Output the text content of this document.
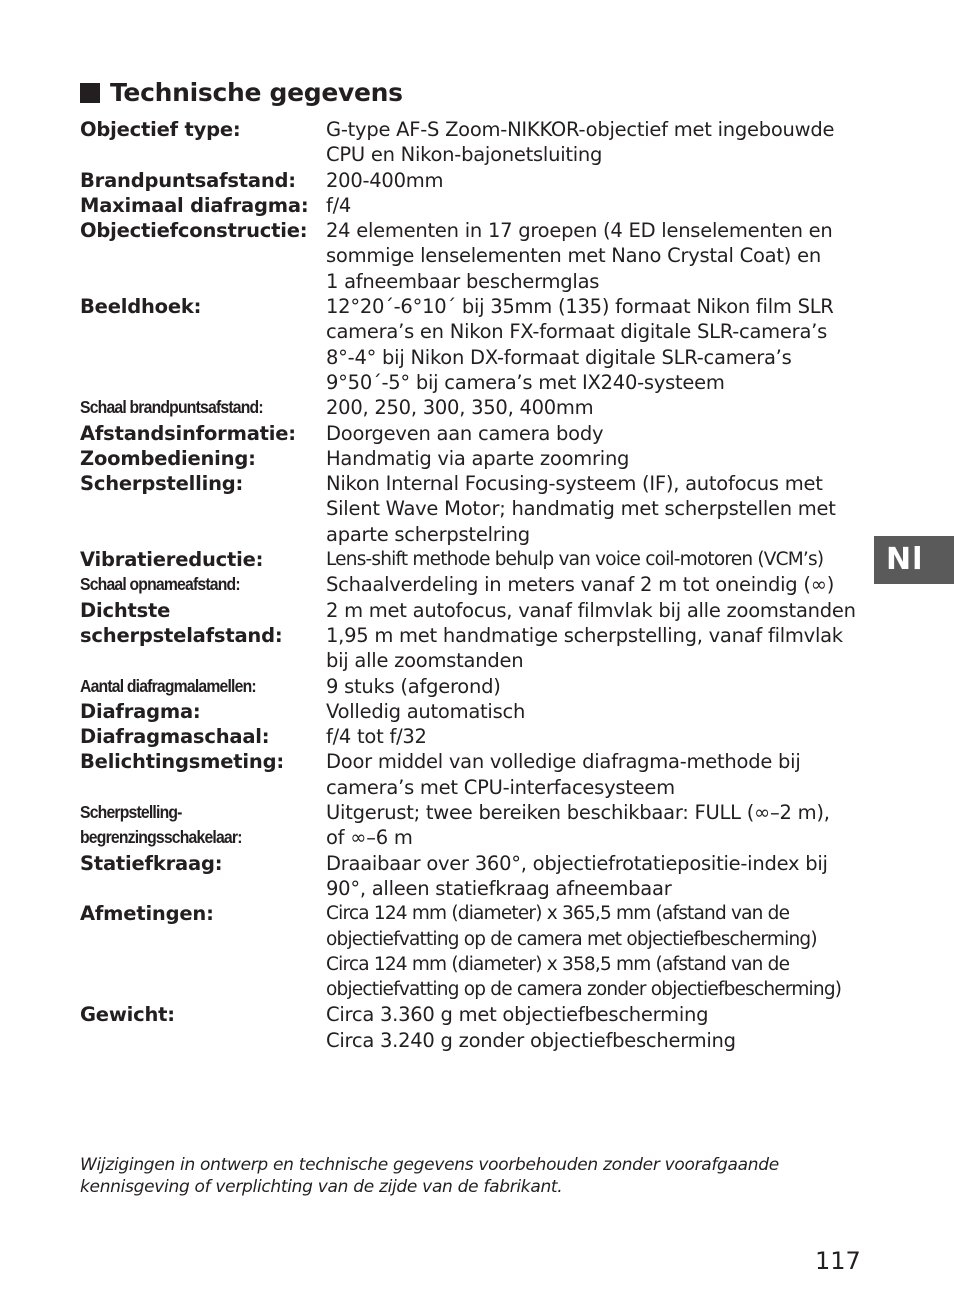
Technische gegevens
Objectief type:	G-type AF-S Zoom-NIKKOR-objectief met ingebouwde
CPU en Nikon-bajonetsluiting
Brandpuntsafstand:	200-400mm
Maximaal diafragma: f/4
Objectiefconstructie: 24 elementen in 17 groepen (4 ED lenselementen en
sommige lenselementen met Nano Crystal Coat) en
1 afneembaar beschermglas
Beeldhoek:	12°20´-6°10´ bij 35mm (135) formaat Nikon film SLR
camera’s en Nikon FX-formaat digitale SLR-camera’s
8°-4° bij Nikon DX-formaat digitale SLR-camera’s
9°50´-5° bij camera’s met IX240-systeem
Schaal brandpuntsafstand:	200, 250, 300, 350, 400mm
Afstandsinformatie:	Doorgeven aan camera body
Zoombediening:	Handmatig via aparte zoomring
Scherpstelling:	Nikon Internal Focusing-systeem (IF), autofocus met
Silent Wave Motor; handmatig met scherpstellen met
aparte scherpstelring
Vibratiereductie:	Lens-shift methode behulp van voice coil-motoren (VCM’s)
Schaal opnameafstand:	Schaalverdeling in meters vanaf 2 m tot oneindig (∞)
Dichtste
scherpstelafstand:
2 m met autofocus, vanaf filmvlak bij alle zoomstanden
1,95 m met handmatige scherpstelling, vanaf filmvlak
bij alle zoomstanden
Aantal diafragmalamellen:	9 stuks (afgerond)
Diafragma:	Volledig automatisch
Diafragmaschaal:	f/4 tot f/32
Belichtingsmeting:	Door middel van volledige diafragma-methode bij
camera’s met CPU-interfacesysteem
Scherpstelling-
begrenzingsschakelaar:
Uitgerust; twee bereiken beschikbaar: FULL (∞–2 m),
of ∞–6 m
Statiefkraag:	Draaibaar over 360°, objectiefrotatiepositie-index bij
90°, alleen statiefkraag afneembaar
Afmetingen:	Circa 124 mm (diameter) x 365,5 mm (afstand van de
objectiefvatting op de camera met objectiefbescherming)
Circa 124 mm (diameter) x 358,5 mm (afstand van de
objectiefvatting op de camera zonder objectiefbescherming)
Gewicht:	Circa 3.360 g met objectiefbescherming
Circa 3.240 g zonder objectiefbescherming
Wijzigingen in ontwerp en technische gegevens voorbehouden zonder voorafgaande
kennisgeving of verplichting van de zijde van de fabrikant.
Nl
117
